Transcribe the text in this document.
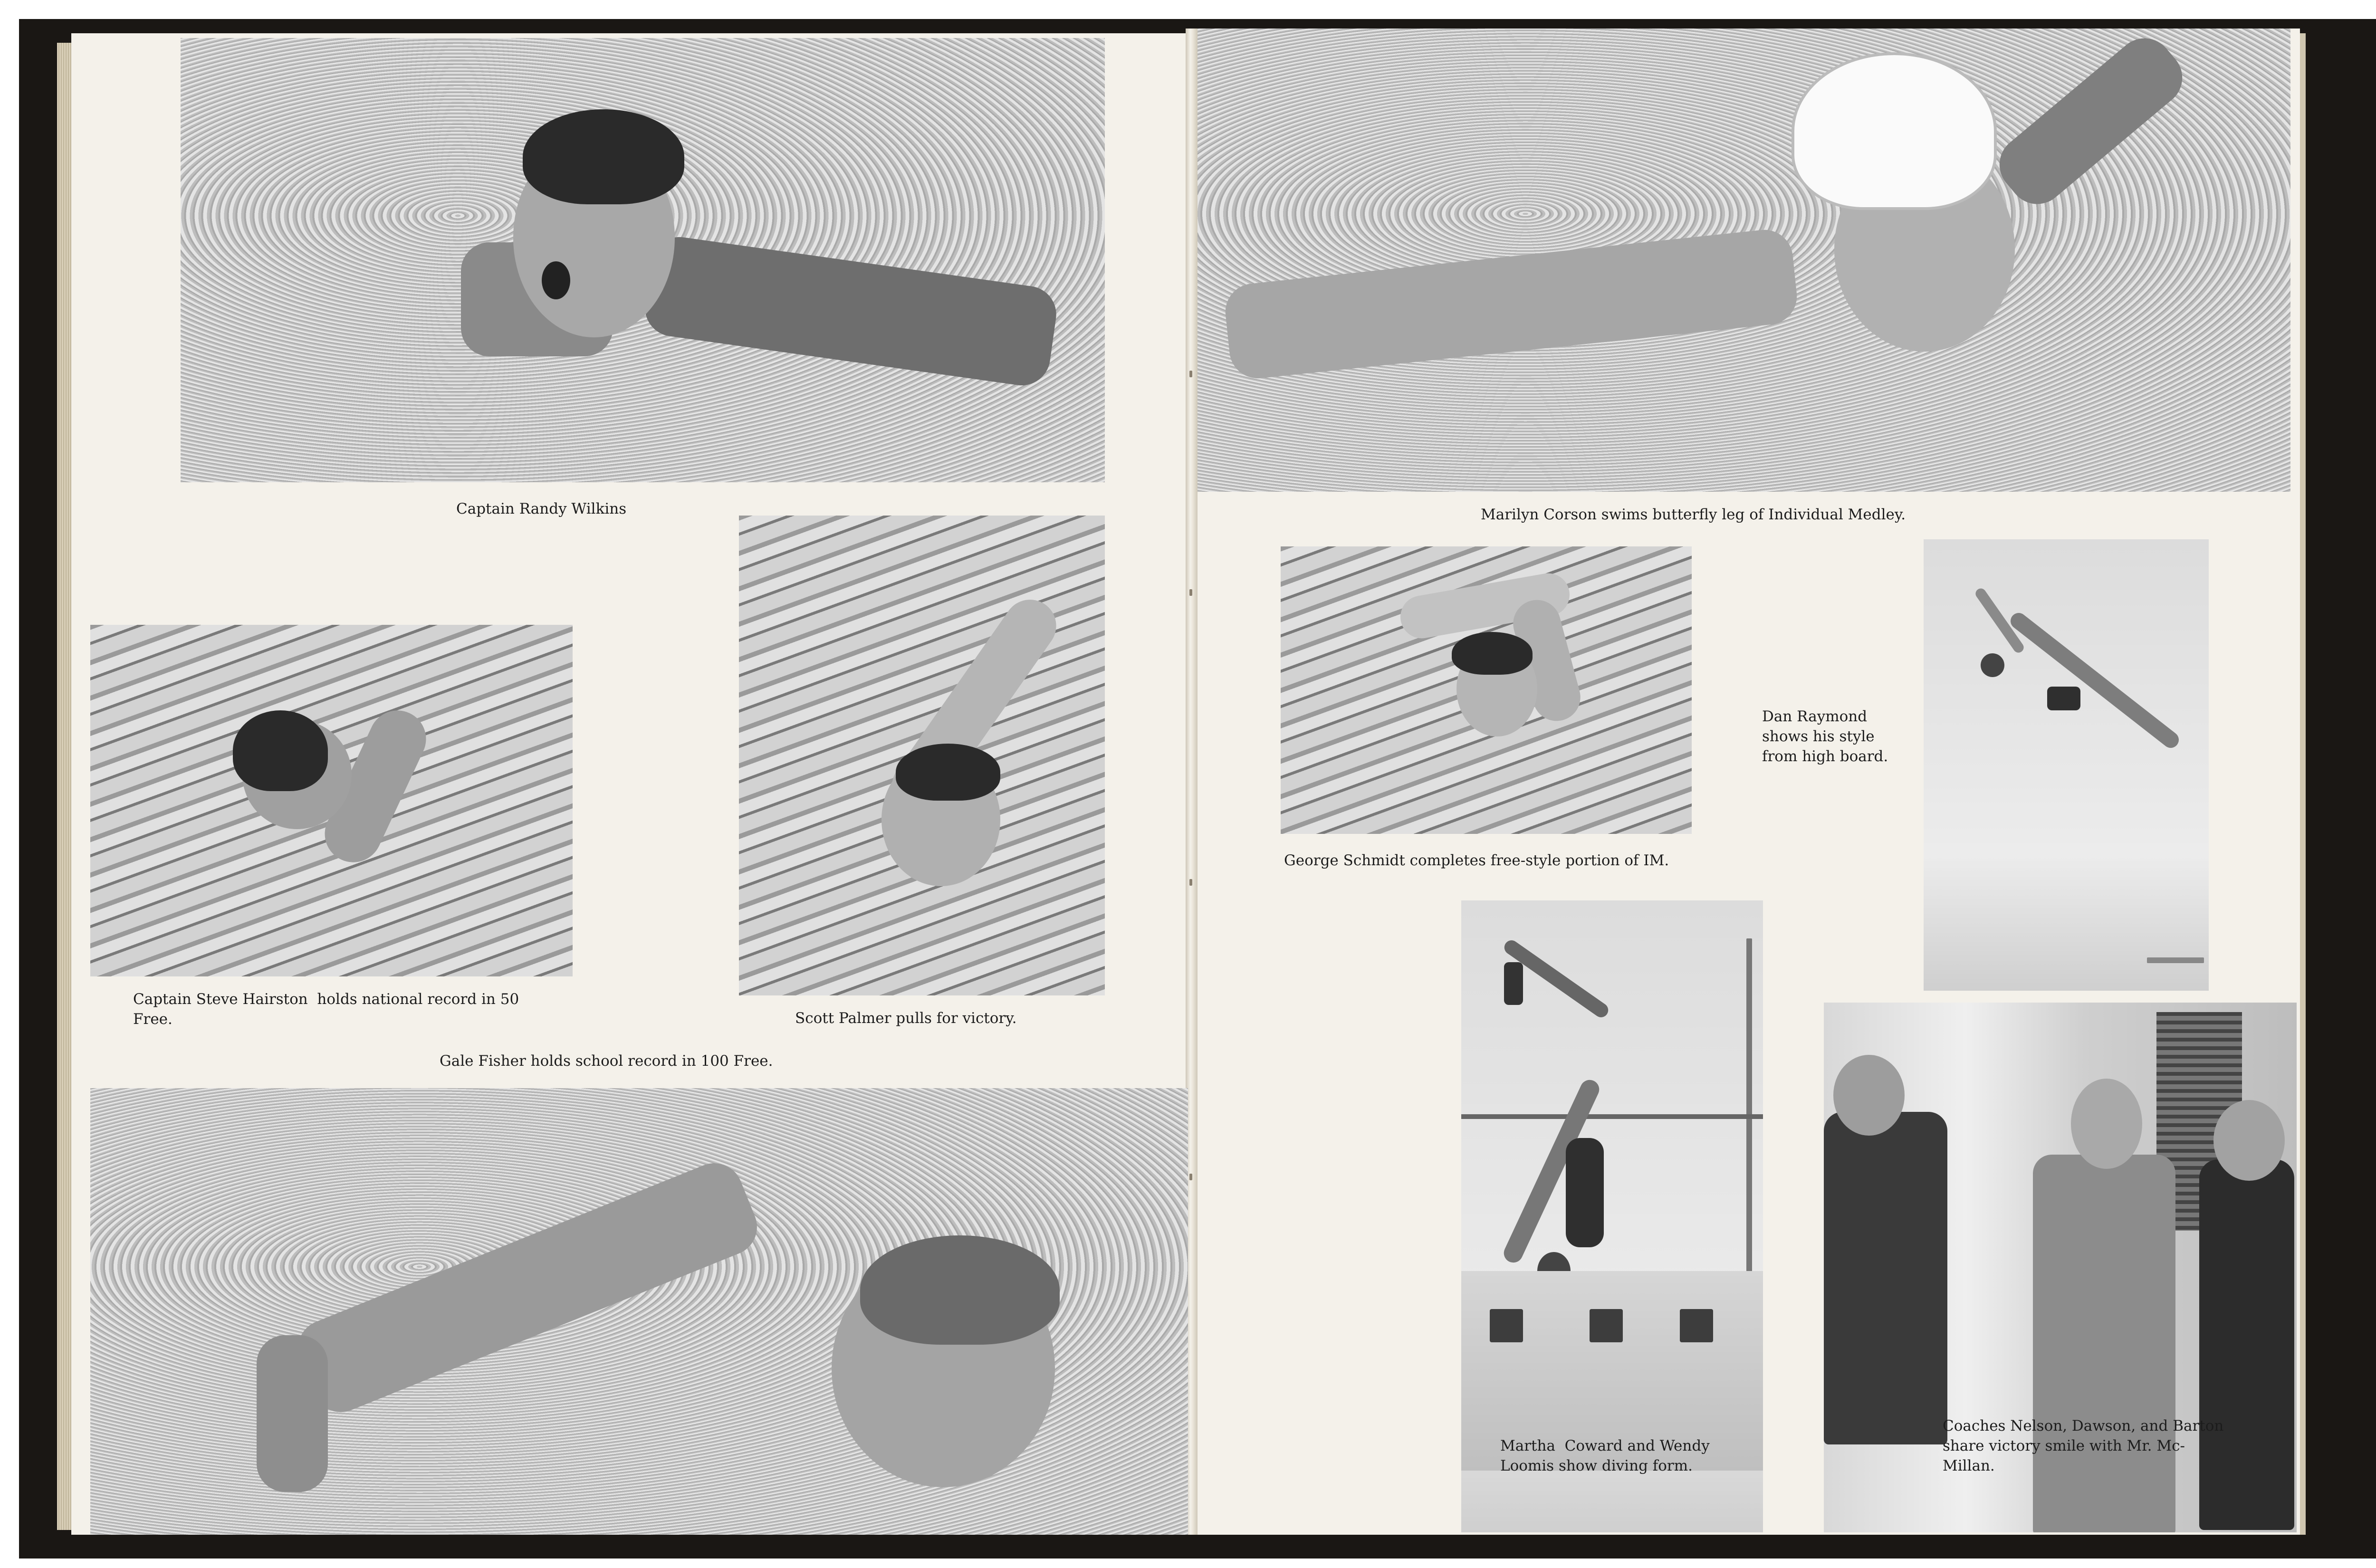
Captain Randy Wilkins
Captain Steve Hairston  holds national record in 50
Free.	Scott Palmer pulls for victory.
Gale Fisher holds school record in 100 Free.
Marilyn Corson swims butterfly leg of Individual Medley.
George Schmidt completes free-style portion of IM.
Dan Raymond
shows his style
from high board.
Martha  Coward and Wendy
Loomis show diving form.
Coaches Nelson, Dawson, and Barton
share victory smile with Mr. Mc-
Millan.
